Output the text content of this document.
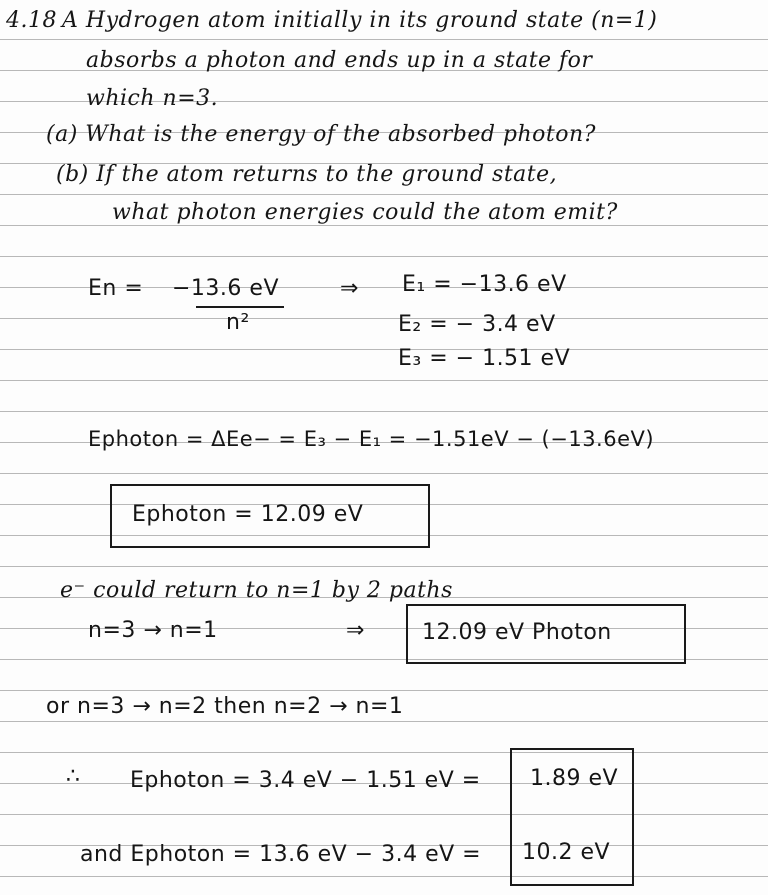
4.18 A Hydrogen atom initially in its ground state (n=1)
absorbs a photon and ends up in a state for
which n=3.
(a) What is the energy of the absorbed photon?
(b) If the atom returns to the ground state,
what photon energies could the atom emit?
En = −13.6 eV
n²
⇒ E₁ = −13.6 eV
E₂ = − 3.4 eV
E₃ = − 1.51 eV
Ephoton = ΔEe− = E₃ − E₁ = −1.51eV − (−13.6eV)
Ephoton = 12.09 eV
e⁻ could return to n=1 by 2 paths
n=3 → n=1	⇒	12.09 eV Photon
or n=3 → n=2 then n=2 → n=1
∴ Ephoton = 3.4 eV − 1.51 eV = 1.89 eV
and Ephoton = 13.6 eV − 3.4 eV = 10.2 eV
